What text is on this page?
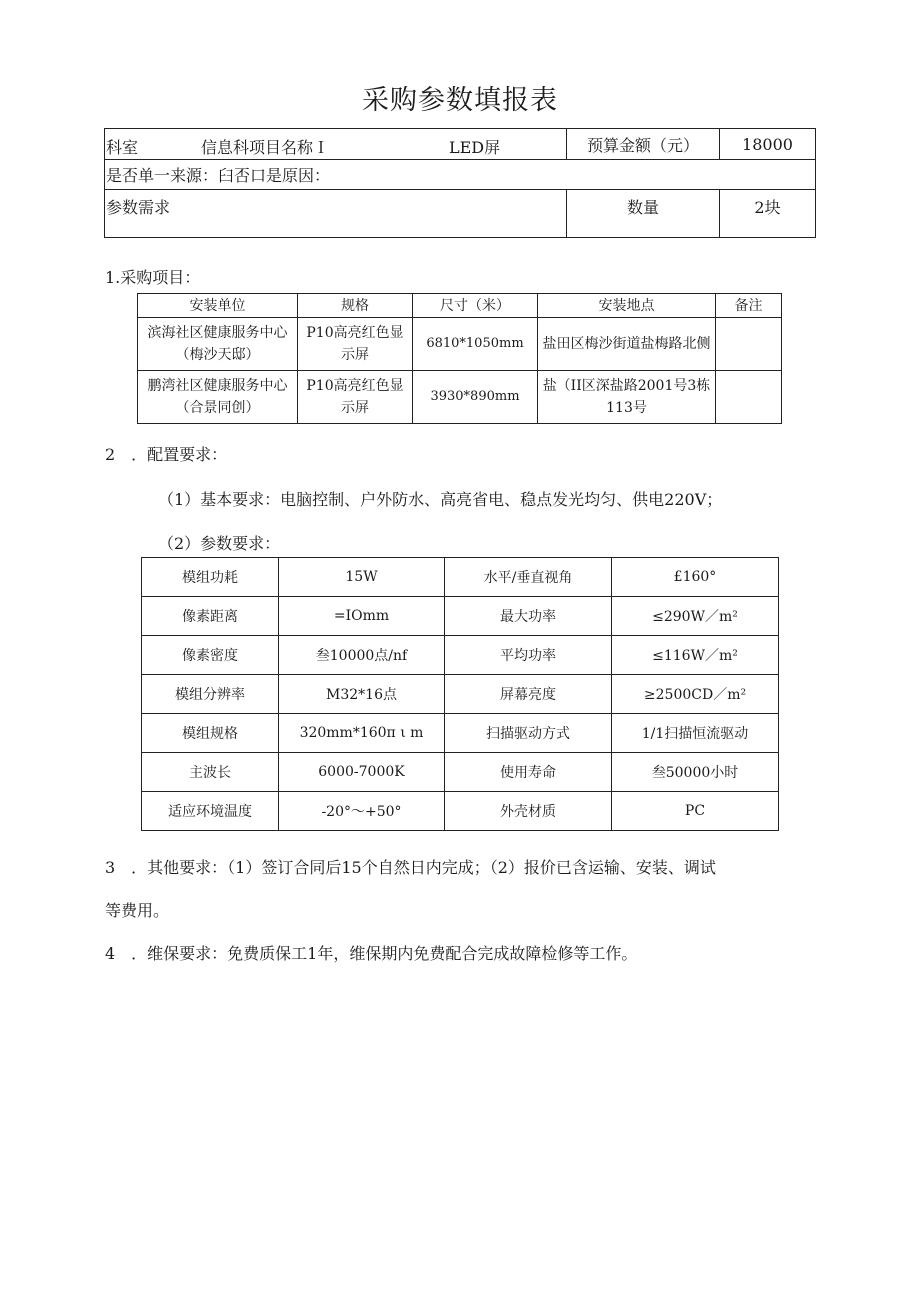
采购参数填报表
科室 信息科项目名称Ｉ LED屏	预算金额（元）	18000
是否单一来源：臼否口是原因：		
参数需求	数量	2块
1.采购项目：
安装单位	规格	尺寸（米）	安装地点	备注
滨海社区健康服务中心（梅沙天邸）	P10高亮红色显示屏	6810*1050mm	盐田区梅沙街道盐梅路北侧	
鹏湾社区健康服务中心（合景同创）	P10高亮红色显示屏	3930*890mm	盐（II区深盐路2001号3栋113号	
2　．配置要求：
（1）基本要求：电脑控制、户外防水、高亮省电、稳点发光均匀、供电220V；
（2）参数要求：
模组功耗	15W	水平/垂直视角	£160°
像素距离	=IOmm	最大功率	≤290W／m²
像素密度	叁10000点/nf	平均功率	≤116W／m²
模组分辨率	M32*16点	屏幕亮度	≥2500CD／m²
模组规格	320mm*160π ι m	扫描驱动方式	1/1扫描恒流驱动
主波长	6000-7000K	使用寿命	叁50000小时
适应环境温度	-20°～+50°	外壳材质	PC
3　．其他要求：（1）签订合同后15个自然日内完成；（2）报价已含运输、安装、调试
等费用。
4　．维保要求：免费质保工1年，维保期内免费配合完成故障检修等工作。
